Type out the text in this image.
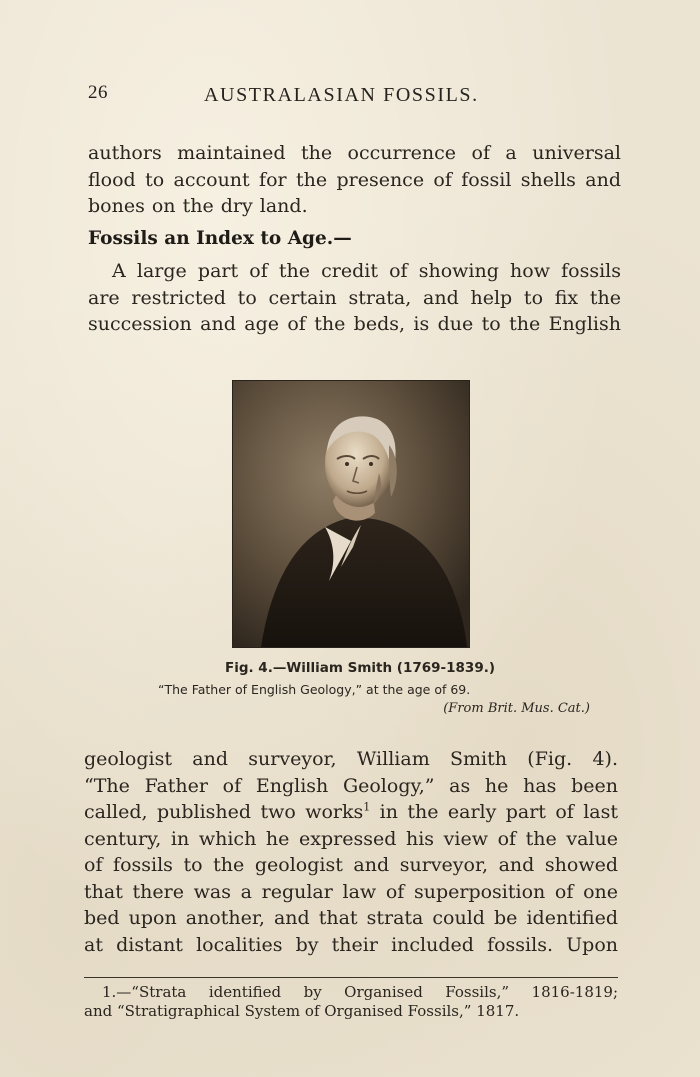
26	AUSTRALASIAN FOSSILS.
authors maintained the occurrence of a universal
flood to account for the presence of fossil shells and
bones on the dry land.
Fossils an Index to Age.—
A large part of the credit of showing how fossils
are restricted to certain strata, and help to fix the
succession and age of the beds, is due to the English
Fig. 4.—William Smith (1769-1839.)
“The Father of English Geology,” at the age of 69.
(From Brit. Mus. Cat.)
geologist and surveyor, William Smith (Fig. 4).
“The Father of English Geology,” as he has been
called, published two works$^1$ in the early part of last
century, in which he expressed his view of the value
of fossils to the geologist and surveyor, and showed
that there was a regular law of superposition of one
bed upon another, and that strata could be identified
at distant localities by their included fossils. Upon
1.—“Strata identified by Organised Fossils,” 1816-1819;
and “Stratigraphical System of Organised Fossils,” 1817.
